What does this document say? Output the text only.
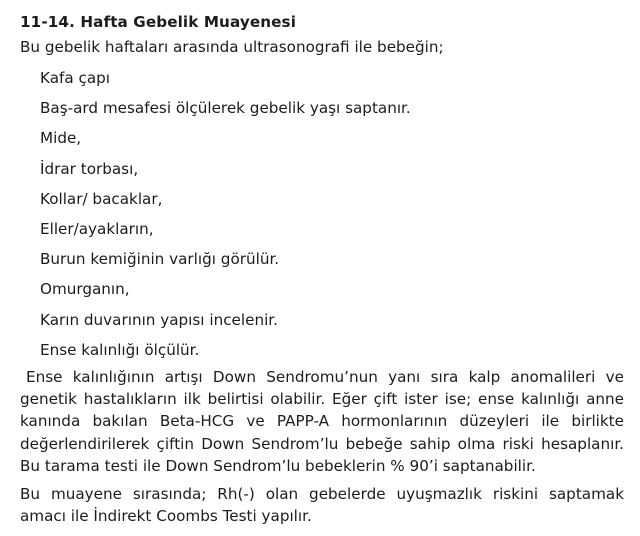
11-14. Hafta Gebelik Muayenesi

Bu gebelik haftaları arasında ultrasonografi ile bebeğin;

Kafa çapı
Baş-ard mesafesi ölçülerek gebelik yaşı saptanır.
Mide,
İdrar torbası,
Kollar/ bacaklar,
Eller/ayakların,
Burun kemiğinin varlığı görülür.
Omurganın,
Karın duvarının yapısı incelenir.
Ense kalınlığı ölçülür.

Ense kalınlığının artışı Down Sendromu’nun yanı sıra kalp anomalileri ve genetik hastalıkların ilk belirtisi olabilir. Eğer çift ister ise; ense kalınlığı anne kanında bakılan Beta-HCG ve PAPP-A hormonlarının düzeyleri ile birlikte değerlendirilerek çiftin Down Sendrom’lu bebeğe sahip olma riski hesaplanır. Bu tarama testi ile Down Sendrom’lu bebeklerin % 90’i saptanabilir.

Bu muayene sırasında; Rh(-) olan gebelerde uyuşmazlık riskini saptamak amacı ile İndirekt Coombs Testi yapılır.
